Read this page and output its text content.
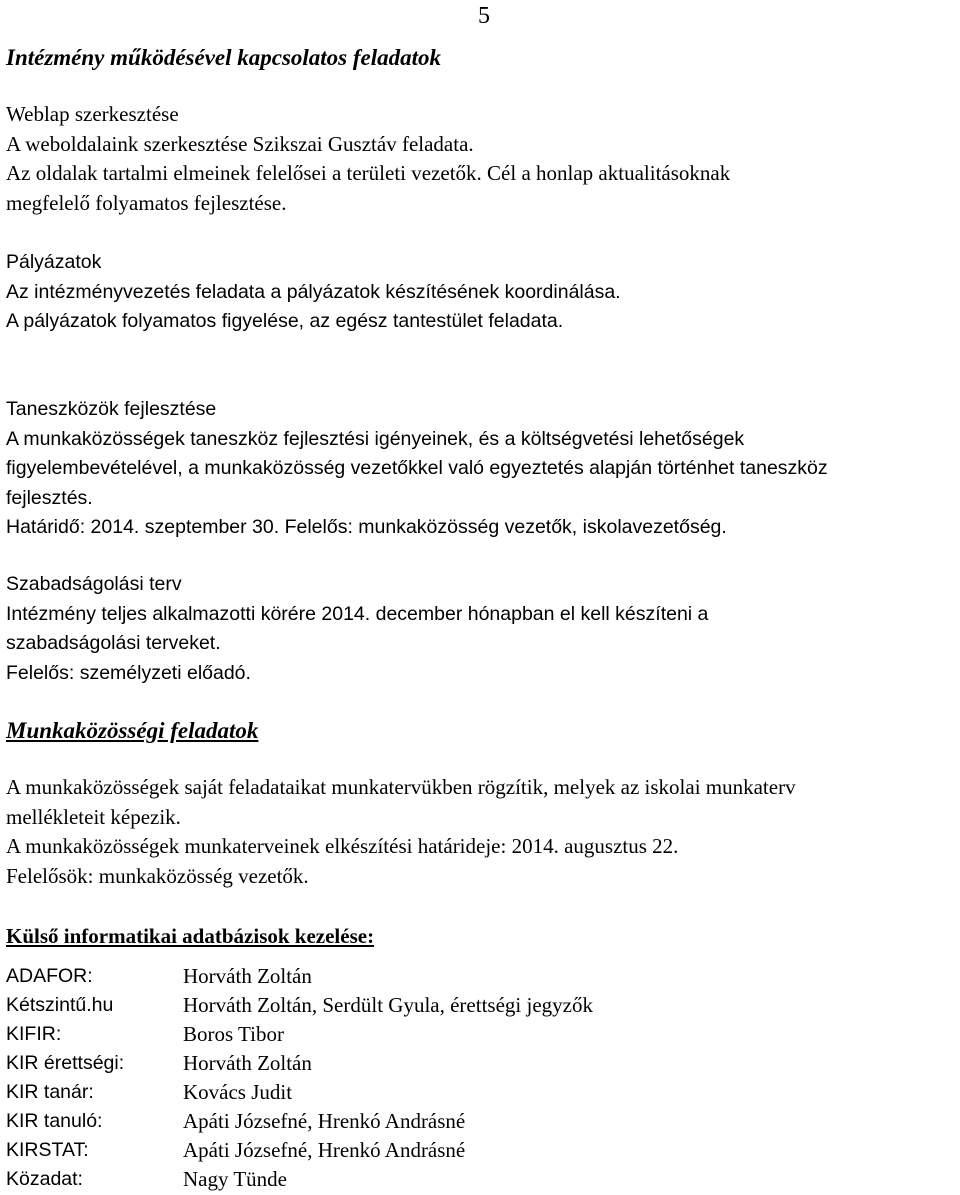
5
Intézmény működésével kapcsolatos feladatok

Weblap szerkesztése

A weboldalaink szerkesztése Szikszai Gusztáv feladata.

Az oldalak tartalmi elmeinek felelősei a területi vezetők. Cél a honlap aktualitásoknak

megfelelő folyamatos fejlesztése.

Pályázatok

Az intézményvezetés feladata a pályázatok készítésének koordinálása.

A pályázatok folyamatos figyelése, az egész tantestület feladata.

Taneszközök fejlesztése

A munkaközösségek taneszköz fejlesztési igényeinek, és a költségvetési lehetőségek

figyelembevételével, a munkaközösség vezetőkkel való egyeztetés alapján történhet taneszköz

fejlesztés.

Határidő: 2014. szeptember 30. Felelős: munkaközösség vezetők, iskolavezetőség.

Szabadságolási terv

Intézmény teljes alkalmazotti körére 2014. december hónapban el kell készíteni a

szabadságolási terveket.

Felelős: személyzeti előadó.

Munkaközösségi feladatok

A munkaközösségek saját feladataikat munkatervükben rögzítik, melyek az iskolai munkaterv

mellékleteit képezik.

A munkaközösségek munkaterveinek elkészítési határideje: 2014. augusztus 22.

Felelősök: munkaközösség vezetők.

Külső informatikai adatbázisok kezelése:
ADAFOR:	Horváth Zoltán
Kétszintű.hu	Horváth Zoltán, Serdült Gyula, érettségi jegyzők
KIFIR:	Boros Tibor
KIR érettségi:	Horváth Zoltán
KIR tanár:	Kovács Judit
KIR tanuló:	Apáti Józsefné, Hrenkó Andrásné
KIRSTAT:	Apáti Józsefné, Hrenkó Andrásné
Közadat:	Nagy Tünde
